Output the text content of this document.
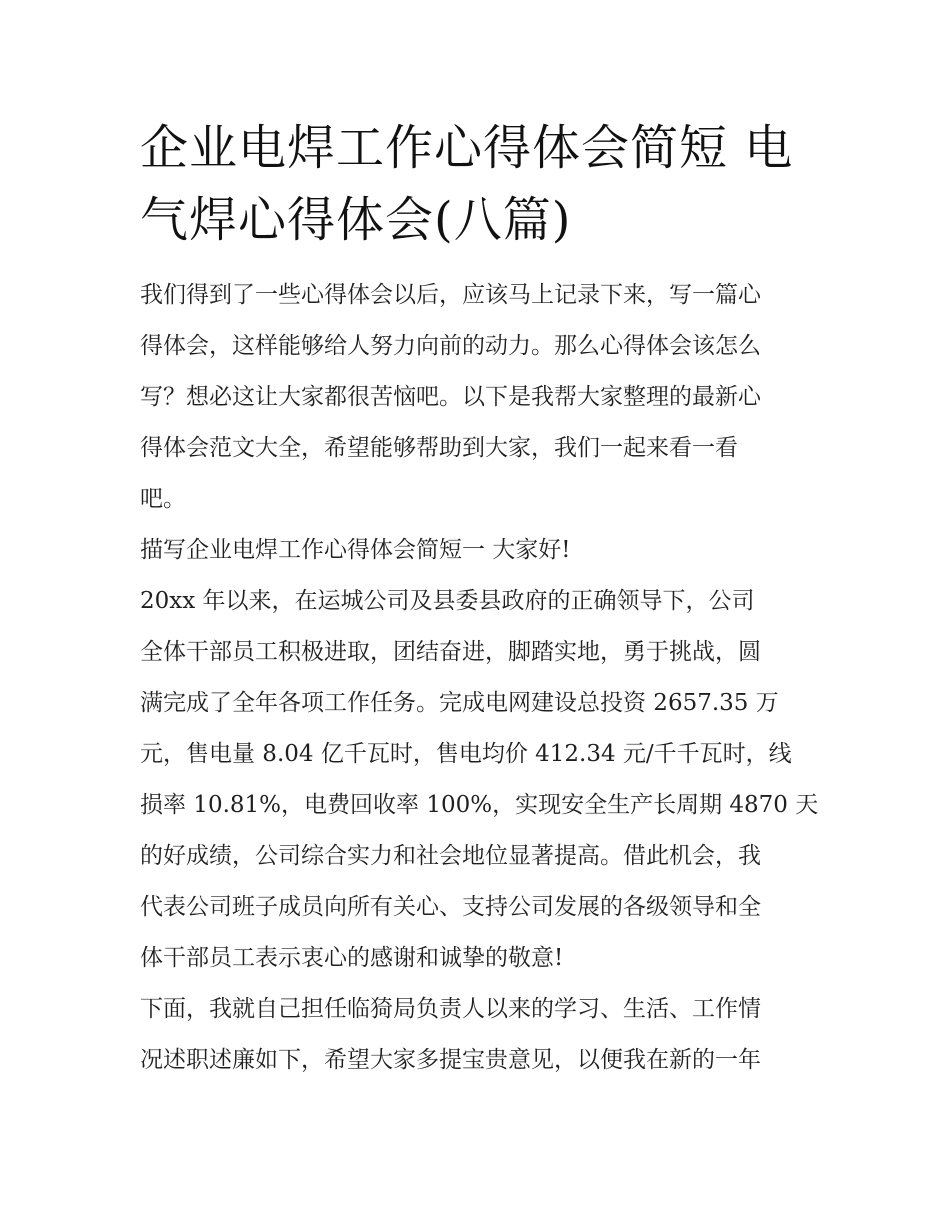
企业电焊工作心得体会简短 电
气焊心得体会(八篇)

我们得到了一些心得体会以后，应该马上记录下来，写一篇心
得体会，这样能够给人努力向前的动力。那么心得体会该怎么
写？想必这让大家都很苦恼吧。以下是我帮大家整理的最新心
得体会范文大全，希望能够帮助到大家，我们一起来看一看
吧。

描写企业电焊工作心得体会简短一 大家好!

20xx 年以来，在运城公司及县委县政府的正确领导下，公司
全体干部员工积极进取，团结奋进，脚踏实地，勇于挑战，圆
满完成了全年各项工作任务。完成电网建设总投资 2657.35 万
元，售电量 8.04 亿千瓦时，售电均价 412.34 元/千千瓦时，线
损率 10.81%，电费回收率 100%，实现安全生产长周期 4870 天
的好成绩，公司综合实力和社会地位显著提高。借此机会，我
代表公司班子成员向所有关心、支持公司发展的各级领导和全
体干部员工表示衷心的感谢和诚挚的敬意!

下面，我就自己担任临猗局负责人以来的学习、生活、工作情
况述职述廉如下，希望大家多提宝贵意见，以便我在新的一年
